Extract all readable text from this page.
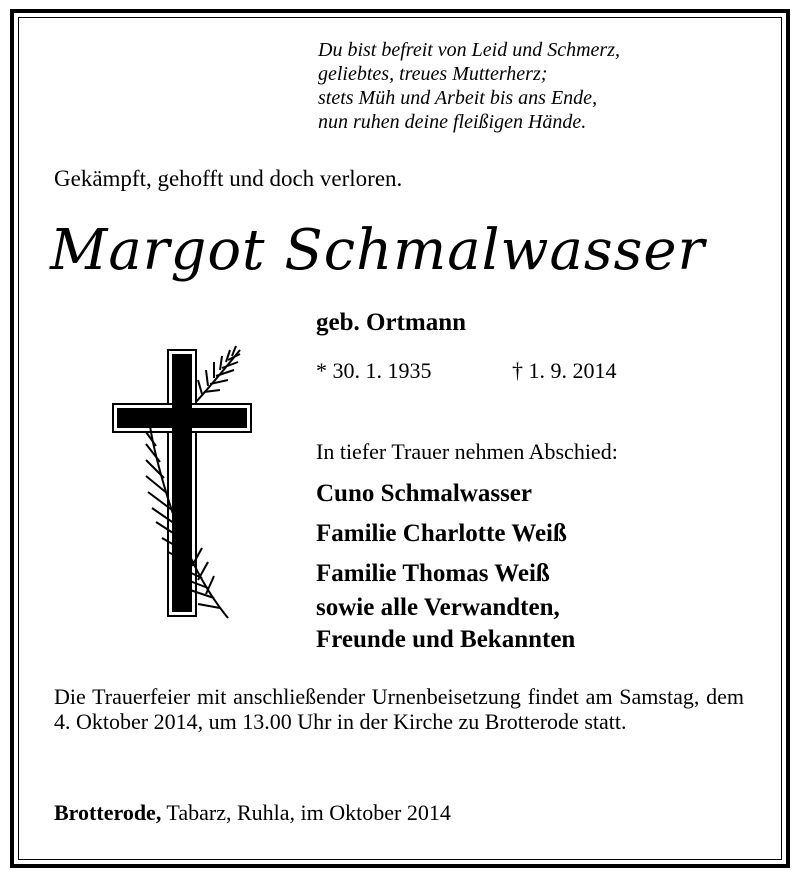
Du bist befreit von Leid und Schmerz,
geliebtes, treues Mutterherz;
stets Müh und Arbeit bis ans Ende,
nun ruhen deine fleißigen Hände.
Gekämpft, gehofft und doch verloren.
Margot Schmalwasser
geb. Ortmann
* 30. 1. 1935	† 1. 9. 2014
In tiefer Trauer nehmen Abschied:
Cuno Schmalwasser
Familie Charlotte Weiß
Familie Thomas Weiß
sowie alle Verwandten,
Freunde und Bekannten
Die Trauerfeier mit anschließender Urnenbeisetzung findet am Samstag, dem 4. Oktober 2014, um 13.00 Uhr in der Kirche zu Brotterode statt.
Brotterode, Tabarz, Ruhla, im Oktober 2014
